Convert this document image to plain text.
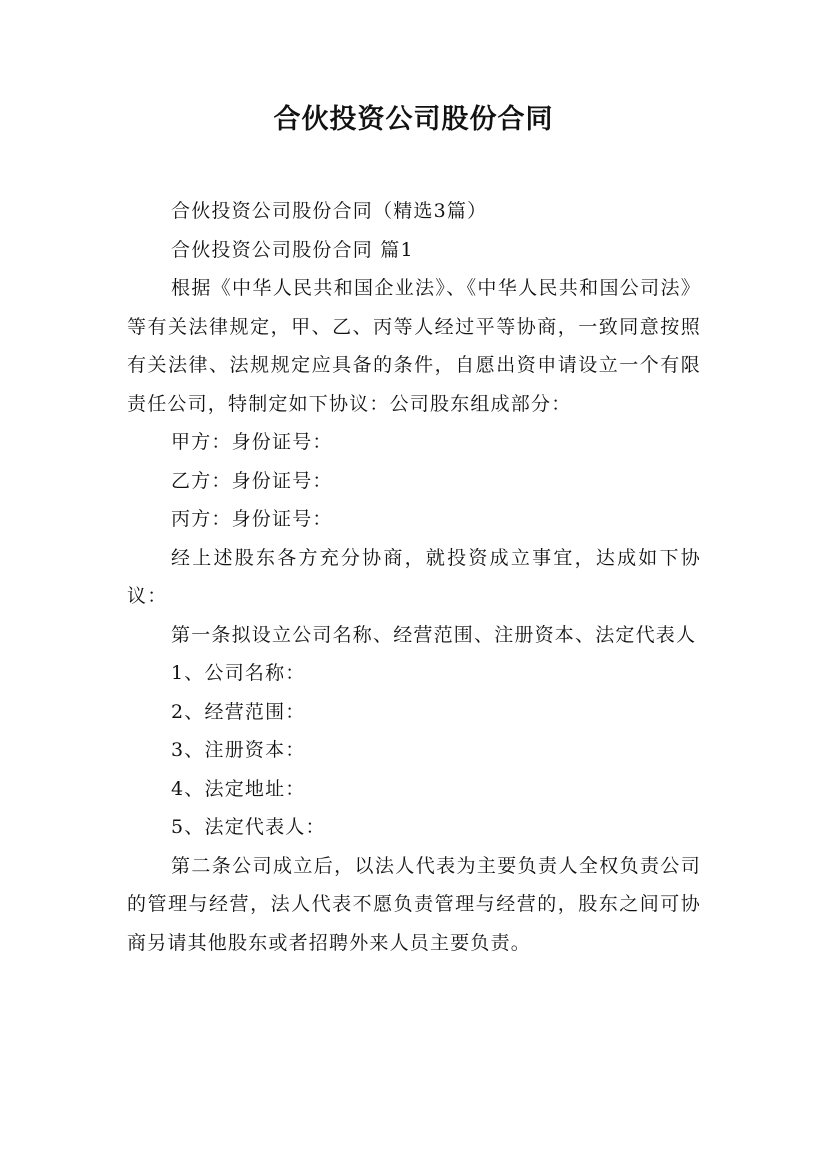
合伙投资公司股份合同

合伙投资公司股份合同（精选3篇）

合伙投资公司股份合同 篇1

根据《中华人民共和国企业法》、《中华人民共和国公司法》等有关法律规定，甲、乙、丙等人经过平等协商，一致同意按照有关法律、法规规定应具备的条件，自愿出资申请设立一个有限责任公司，特制定如下协议：公司股东组成部分：

甲方：身份证号：

乙方：身份证号：

丙方：身份证号：

经上述股东各方充分协商，就投资成立事宜，达成如下协议：

第一条拟设立公司名称、经营范围、注册资本、法定代表人

1、公司名称：

2、经营范围：

3、注册资本：

4、法定地址：

5、法定代表人：

第二条公司成立后，以法人代表为主要负责人全权负责公司的管理与经营，法人代表不愿负责管理与经营的，股东之间可协商另请其他股东或者招聘外来人员主要负责。
